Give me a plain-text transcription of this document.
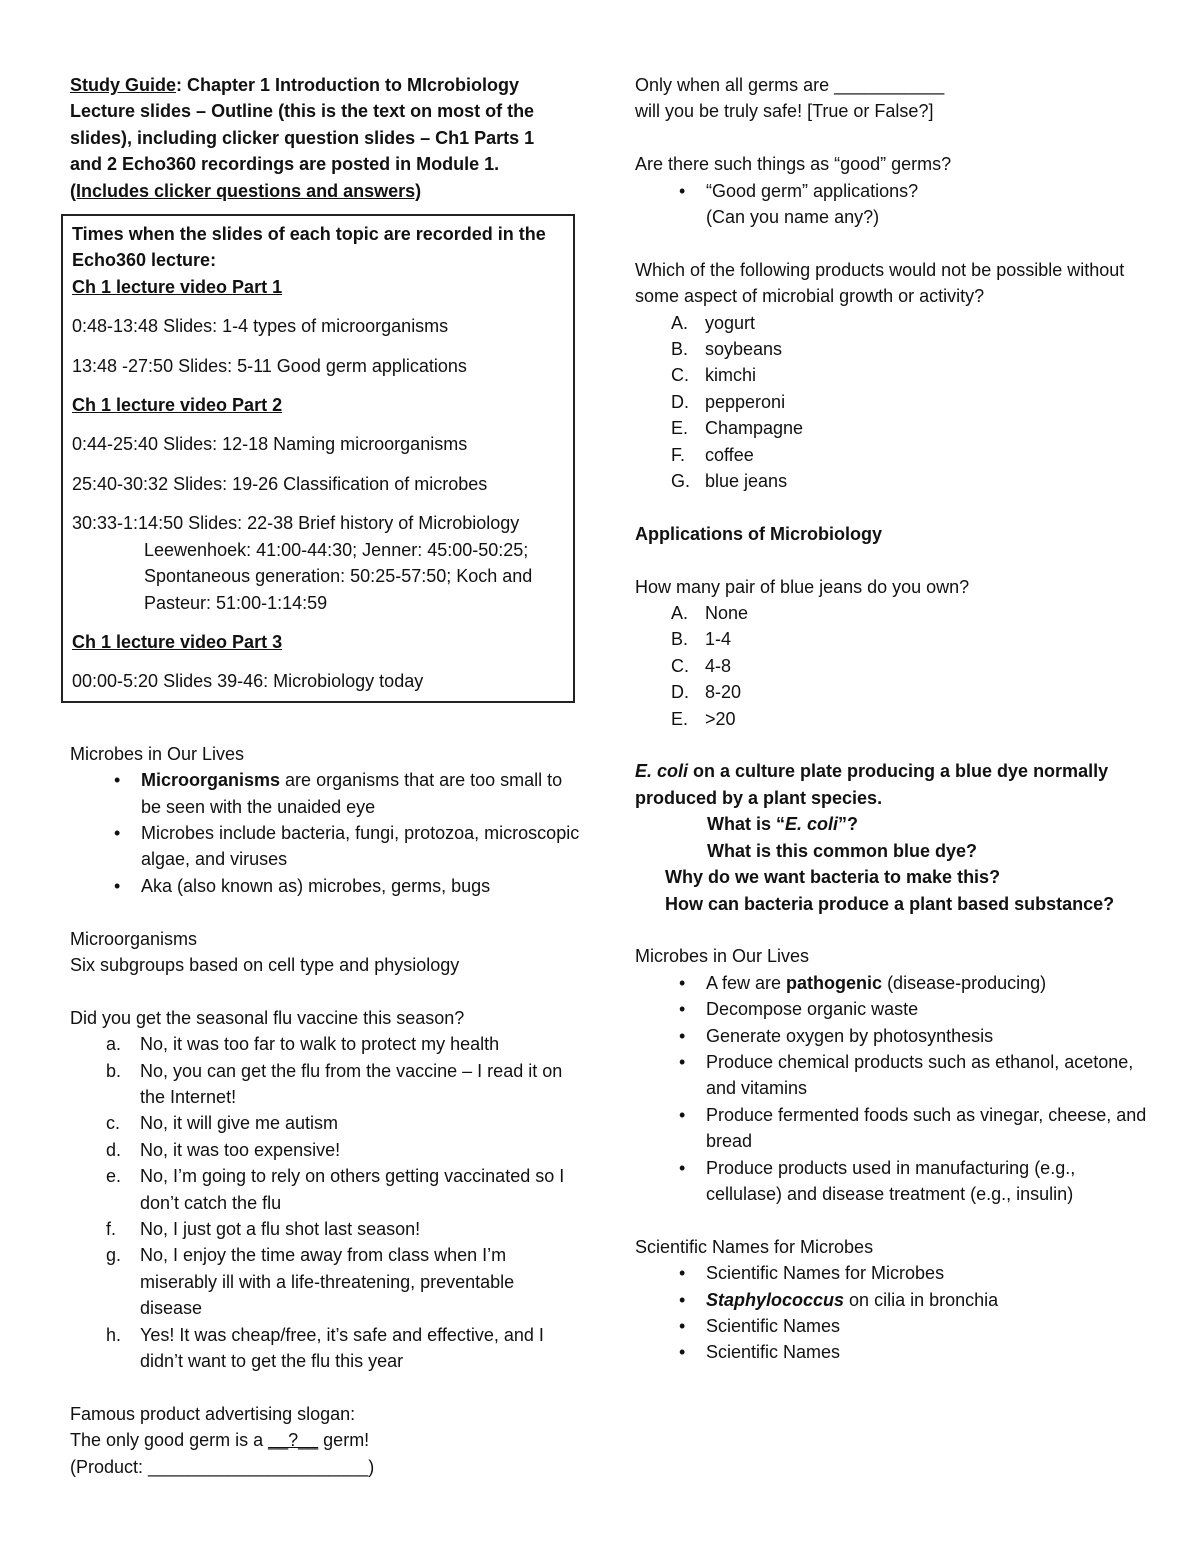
Study Guide: Chapter 1 Introduction to MIcrobiology

Lecture slides – Outline (this is the text on most of the

slides), including clicker question slides – Ch1 Parts 1

and 2 Echo360 recordings are posted in Module 1.

(Includes clicker questions and answers)

Times when the slides of each topic are recorded in the Echo360 lecture:
Ch 1 lecture video Part 1

0:48-13:48 Slides: 1-4 types of microorganisms

13:48 -27:50 Slides: 5-11 Good germ applications

Ch 1 lecture video Part 2

0:44-25:40 Slides: 12-18 Naming microorganisms

25:40-30:32 Slides: 19-26 Classification of microbes

30:33-1:14:50 Slides: 22-38 Brief history of Microbiology Leewenhoek: 41:00-44:30; Jenner: 45:00-50:25; Spontaneous generation: 50:25-57:50; Koch and Pasteur: 51:00-1:14:59

Ch 1 lecture video Part 3

00:00-5:20 Slides 39-46: Microbiology today

Microbes in Our Lives

• Microorganisms are organisms that are too small to be seen with the unaided eye
• Microbes include bacteria, fungi, protozoa, microscopic algae, and viruses
• Aka (also known as) microbes, germs, bugs

Microorganisms

Six subgroups based on cell type and physiology

Did you get the seasonal flu vaccine this season?

a. No, it was too far to walk to protect my health
b. No, you can get the flu from the vaccine – I read it on the Internet!
c. No, it will give me autism
d. No, it was too expensive!
e. No, I’m going to rely on others getting vaccinated so I don’t catch the flu
f. No, I just got a flu shot last season!
g. No, I enjoy the time away from class when I’m miserably ill with a life-threatening, preventable disease
h. Yes! It was cheap/free, it’s safe and effective, and I didn’t want to get the flu this year

Famous product advertising slogan:

The only good germ is a __?__ germ!

(Product: ______________________)

Only when all germs are ___________

will you be truly safe! [True or False?]

Are there such things as “good” germs?

• “Good germ” applications?
(Can you name any?)

Which of the following products would not be possible without some aspect of microbial growth or activity?

A. yogurt
B. soybeans
C. kimchi
D. pepperoni
E. Champagne
F. coffee
G. blue jeans

Applications of Microbiology

How many pair of blue jeans do you own?

A. None
B. 1-4
C. 4-8
D. 8-20
E. >20

E. coli on a culture plate producing a blue dye normally

produced by a plant species.

What is “E. coli”?

What is this common blue dye?

Why do we want bacteria to make this?

How can bacteria produce a plant based substance?

Microbes in Our Lives

• A few are pathogenic (disease-producing)
• Decompose organic waste
• Generate oxygen by photosynthesis
• Produce chemical products such as ethanol, acetone, and vitamins
• Produce fermented foods such as vinegar, cheese, and bread
• Produce products used in manufacturing (e.g., cellulase) and disease treatment (e.g., insulin)

Scientific Names for Microbes

• Scientific Names for Microbes
• Staphylococcus on cilia in bronchia
• Scientific Names
• Scientific Names
